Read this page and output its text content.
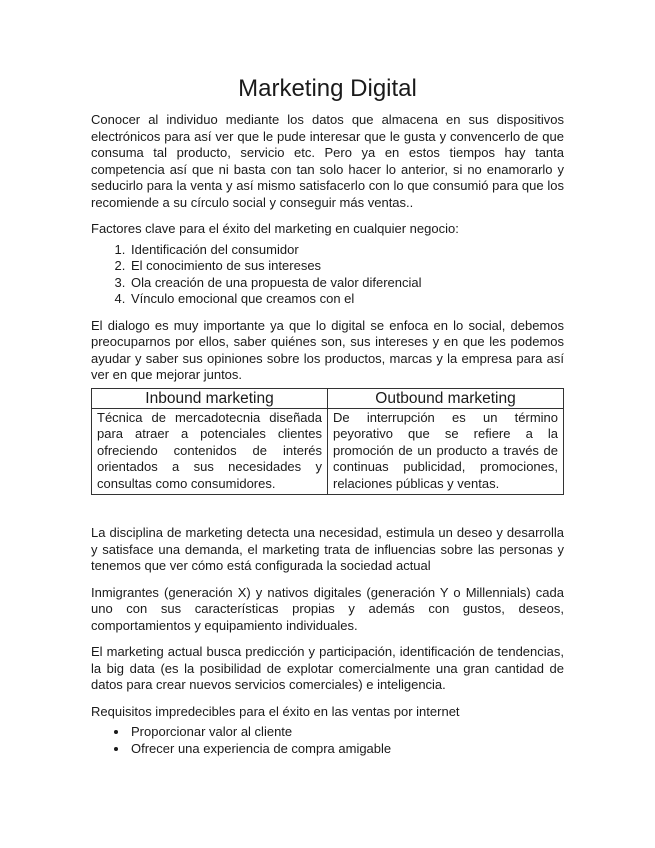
Marketing Digital

Conocer al individuo mediante los datos que almacena en sus dispositivos electrónicos para así ver que le pude interesar que le gusta y convencerlo de que consuma tal producto, servicio etc. Pero ya en estos tiempos hay tanta competencia así que ni basta con tan solo hacer lo anterior, si no enamorarlo y seducirlo para la venta y así mismo satisfacerlo con lo que consumió para que los recomiende a su círculo social y conseguir más ventas..

Factores clave para el éxito del marketing en cualquier negocio:

1. Identificación del consumidor
2. El conocimiento de sus intereses
3. Ola creación de una propuesta de valor diferencial
4. Vínculo emocional que creamos con el

El dialogo es muy importante ya que lo digital se enfoca en lo social, debemos preocuparnos por ellos, saber quiénes son, sus intereses y en que les podemos ayudar y saber sus opiniones sobre los productos, marcas y la empresa para así ver en que mejorar juntos.

Inbound marketing	Outbound marketing
Técnica de mercadotecnia diseñada para atraer a potenciales clientes ofreciendo contenidos de interés orientados a sus necesidades y consultas como consumidores.	De interrupción es un término peyorativo que se refiere a la promoción de un producto a través de continuas publicidad, promociones, relaciones públicas y ventas.

La disciplina de marketing detecta una necesidad, estimula un deseo y desarrolla y satisface una demanda, el marketing trata de influencias sobre las personas y tenemos que ver cómo está configurada la sociedad actual

Inmigrantes (generación X) y nativos digitales (generación Y o Millennials) cada uno con sus características propias y además con gustos, deseos, comportamientos y equipamiento individuales.

El marketing actual busca predicción y participación, identificación de tendencias, la big data (es la posibilidad de explotar comercialmente una gran cantidad de datos para crear nuevos servicios comerciales) e inteligencia.

Requisitos impredecibles para el éxito en las ventas por internet

• Proporcionar valor al cliente
• Ofrecer una experiencia de compra amigable
